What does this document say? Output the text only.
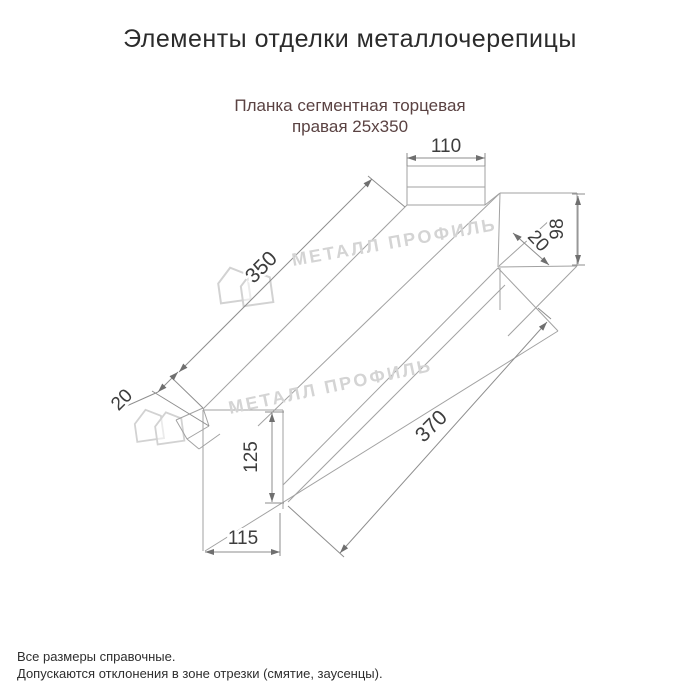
Элементы отделки металлочерепицы
Планка сегментная торцевая
правая 25х350
МЕТАЛЛ ПРОФИЛЬ
МЕТАЛЛ ПРОФИЛЬ
110
350
20
20
98
125
370
115
Все размеры справочные.
Допускаются отклонения в зоне отрезки (смятие, заусенцы).
